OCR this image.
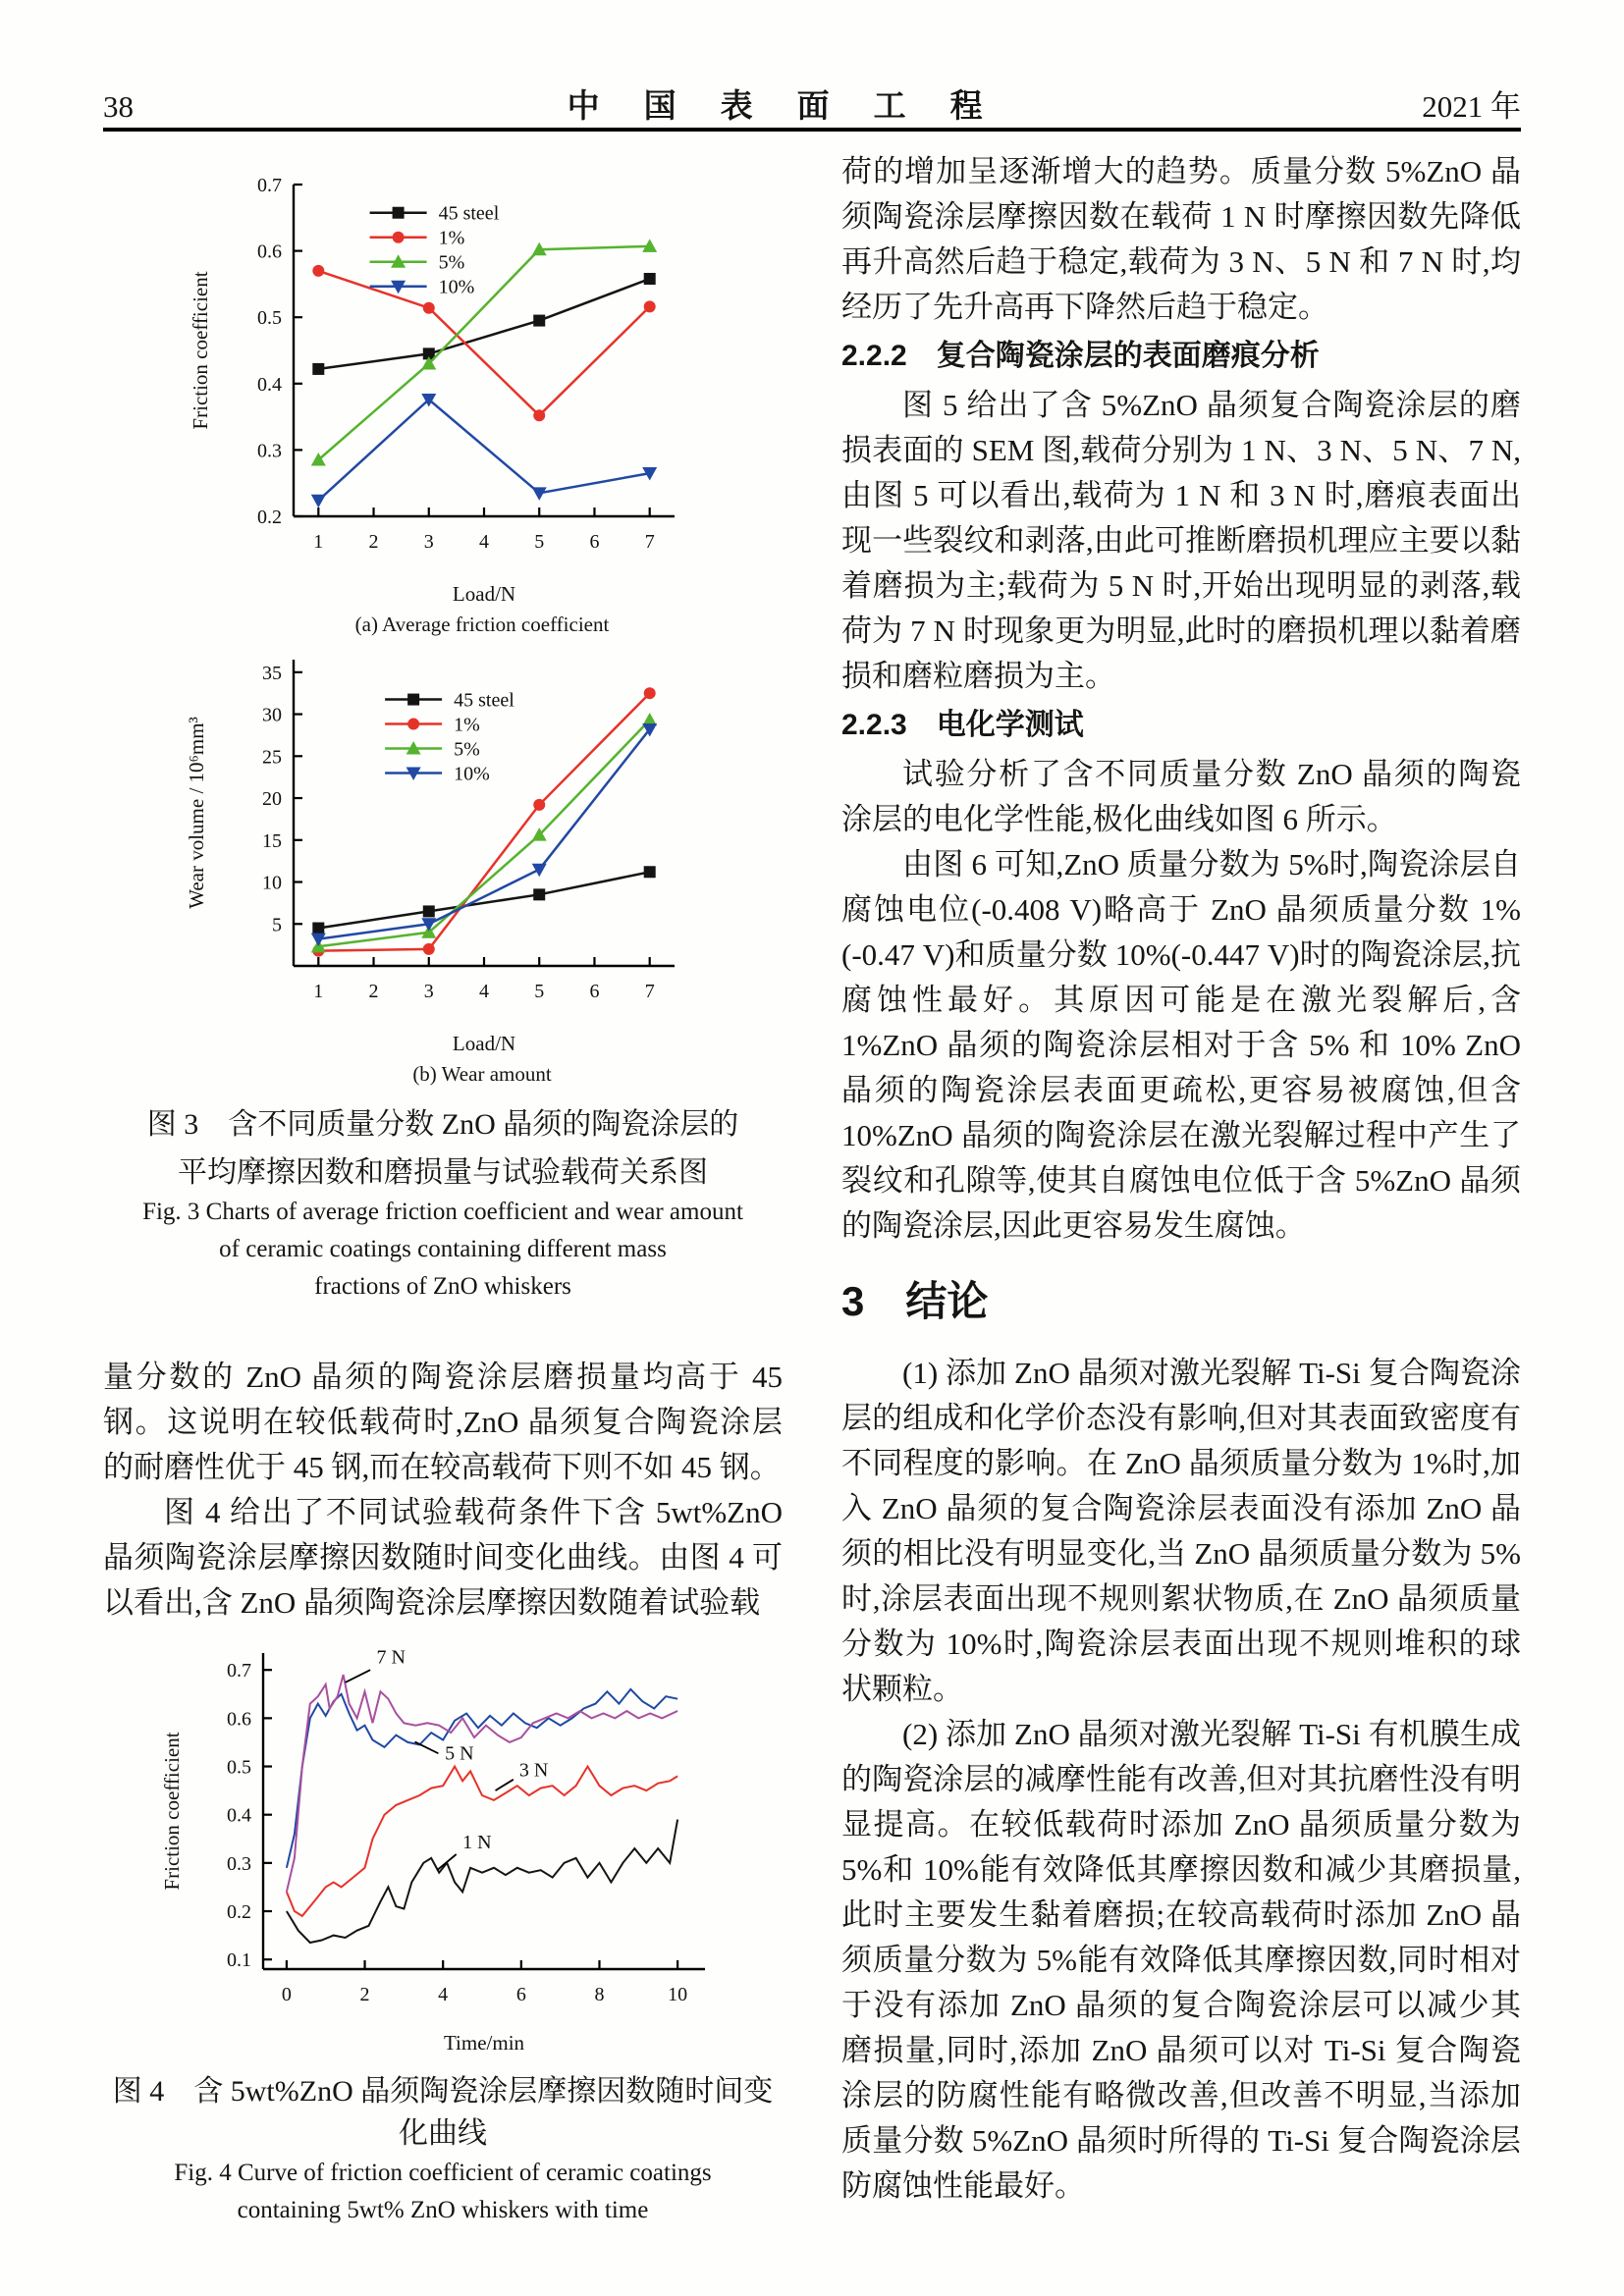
38	中　国　表　面　工　程	2021 年
0.2
0.3
0.4
0.5
0.6
0.7
1 2 3 4 5 6 7
Load/N
Friction coefficient
45 steel
1%
5%
10%
(a) Average friction coefficient

5
10
15
20
25
30
35
1 2 3 4 5 6 7
Load/N
Wear volume / 10⁶mm³
45 steel
1%
5%
10%
(b) Wear amount
图 3　含不同质量分数 ZnO 晶须的陶瓷涂层的
平均摩擦因数和磨损量与试验载荷关系图
Fig. 3 Charts of average friction coefficient and wear amount
of ceramic coatings containing different mass
fractions of ZnO whiskers

量分数的 ZnO 晶须的陶瓷涂层磨损量均高于 45 钢。这说明在较低载荷时,ZnO 晶须复合陶瓷涂层的耐磨性优于 45 钢,而在较高载荷下则不如 45 钢。

图 4 给出了不同试验载荷条件下含 5wt%ZnO 晶须陶瓷涂层摩擦因数随时间变化曲线。由图 4 可以看出,含 ZnO 晶须陶瓷涂层摩擦因数随着试验载

0.1
0.2
0.3
0.4
0.5
0.6
0.7
0	2	4	6	8	10
Time/min
Friction coefficient
7 N
5 N
3 N
1 N
图 4　含 5wt%ZnO 晶须陶瓷涂层摩擦因数随时间变化曲线
Fig. 4 Curve of friction coefficient of ceramic coatings
containing 5wt% ZnO whiskers with time

荷的增加呈逐渐增大的趋势。质量分数 5%ZnO 晶须陶瓷涂层摩擦因数在载荷 1 N 时摩擦因数先降低再升高然后趋于稳定,载荷为 3 N、5 N 和 7 N 时,均经历了先升高再下降然后趋于稳定。

2.2.2　复合陶瓷涂层的表面磨痕分析

图 5 给出了含 5%ZnO 晶须复合陶瓷涂层的磨损表面的 SEM 图,载荷分别为 1 N、3 N、5 N、7 N,由图 5 可以看出,载荷为 1 N 和 3 N 时,磨痕表面出现一些裂纹和剥落,由此可推断磨损机理应主要以黏着磨损为主;载荷为 5 N 时,开始出现明显的剥落,载荷为 7 N 时现象更为明显,此时的磨损机理以黏着磨损和磨粒磨损为主。

2.2.3　电化学测试

试验分析了含不同质量分数 ZnO 晶须的陶瓷涂层的电化学性能,极化曲线如图 6 所示。

由图 6 可知,ZnO 质量分数为 5%时,陶瓷涂层自腐蚀电位(-0.408 V)略高于 ZnO 晶须质量分数 1%(-0.47 V)和质量分数 10%(-0.447 V)时的陶瓷涂层,抗腐蚀性最好。其原因可能是在激光裂解后,含 1%ZnO 晶须的陶瓷涂层相对于含 5% 和 10% ZnO 晶须的陶瓷涂层表面更疏松,更容易被腐蚀,但含 10%ZnO 晶须的陶瓷涂层在激光裂解过程中产生了裂纹和孔隙等,使其自腐蚀电位低于含 5%ZnO 晶须的陶瓷涂层,因此更容易发生腐蚀。

3　结论

(1) 添加 ZnO 晶须对激光裂解 Ti-Si 复合陶瓷涂层的组成和化学价态没有影响,但对其表面致密度有不同程度的影响。在 ZnO 晶须质量分数为 1%时,加入 ZnO 晶须的复合陶瓷涂层表面没有添加 ZnO 晶须的相比没有明显变化,当 ZnO 晶须质量分数为 5%时,涂层表面出现不规则絮状物质,在 ZnO 晶须质量分数为 10%时,陶瓷涂层表面出现不规则堆积的球状颗粒。

(2) 添加 ZnO 晶须对激光裂解 Ti-Si 有机膜生成的陶瓷涂层的减摩性能有改善,但对其抗磨性没有明显提高。在较低载荷时添加 ZnO 晶须质量分数为 5%和 10%能有效降低其摩擦因数和减少其磨损量,此时主要发生黏着磨损;在较高载荷时添加 ZnO 晶须质量分数为 5%能有效降低其摩擦因数,同时相对于没有添加 ZnO 晶须的复合陶瓷涂层可以减少其磨损量,同时,添加 ZnO 晶须可以对 Ti-Si 复合陶瓷涂层的防腐性能有略微改善,但改善不明显,当添加质量分数 5%ZnO 晶须时所得的 Ti-Si 复合陶瓷涂层防腐蚀性能最好。
